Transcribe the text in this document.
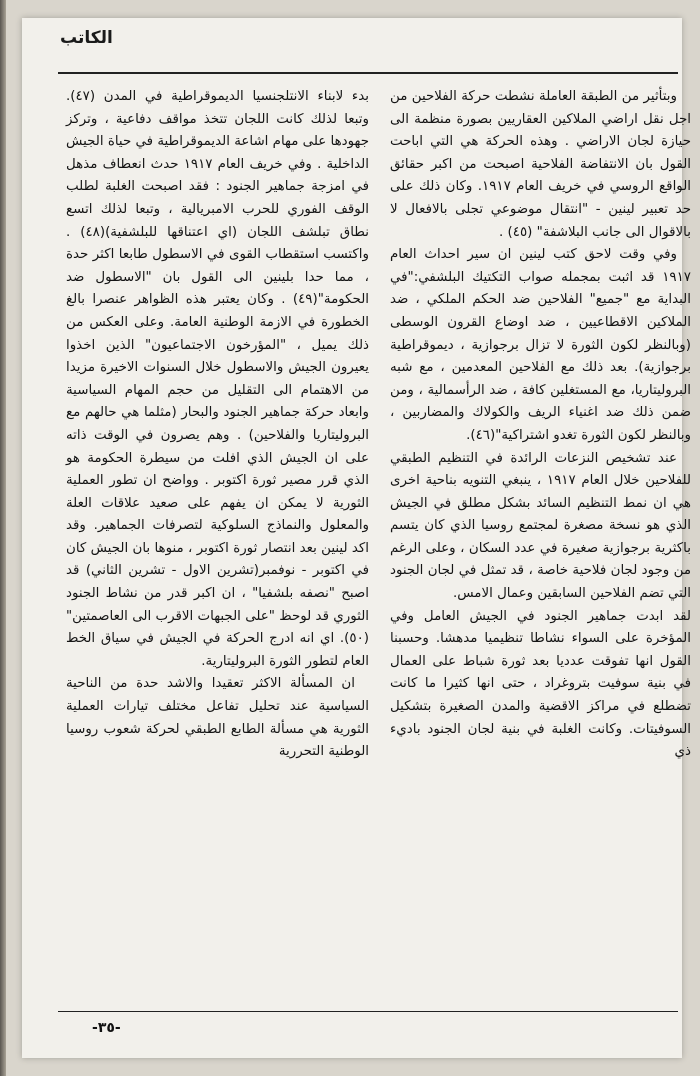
الكاتب

وبتأثير من الطبقة العاملة نشطت حركة الفلاحين من اجل نقل اراضي الملاكين العقاريين بصورة منظمة الى حيازة لجان الاراضي . وهذه الحركة هي التي اباحت القول بان الانتفاضة الفلاحية اصبحت من اكبر حقائق الواقع الروسي في خريف العام ١٩١٧. وكان ذلك على حد تعبير لينين - "انتقال موضوعي تجلى بالافعال لا بالاقوال الى جانب البلاشفة" (٤٥) .

وفي وقت لاحق كتب لينين ان سير احداث العام ١٩١٧ قد اثبت بمجمله صواب التكتيك البلشفي:"في البداية مع "جميع" الفلاحين ضد الحكم الملكي ، ضد الملاكين الاقطاعيين ، ضد اوضاع القرون الوسطى (وبالنظر لكون الثورة لا تزال برجوازية ، ديموقراطية برجوازية). بعد ذلك مع الفلاحين المعدمين ، مع شبه البروليتاريا، مع المستغلين كافة ، ضد الرأسمالية ، ومن ضمن ذلك ضد اغنياء الريف والكولاك والمضاربين ، وبالنظر لكون الثورة تغدو اشتراكية"(٤٦).

عند تشخيص النزعات الرائدة في التنظيم الطبقي للفلاحين خلال العام ١٩١٧ ، ينبغي التنويه بناحية اخرى هي ان نمط التنظيم السائد بشكل مطلق في الجيش الذي هو نسخة مصغرة لمجتمع روسيا الذي كان يتسم باكثرية برجوازية صغيرة في عدد السكان ، وعلى الرغم من وجود لجان فلاحية خاصة ، قد تمثل في لجان الجنود التي تضم الفلاحين السابقين وعمال الامس.

لقد ابدت جماهير الجنود في الجيش العامل وفي المؤخرة على السواء نشاطا تنظيميا مدهشا. وحسبنا القول انها تفوقت عدديا بعد ثورة شباط على العمال في بنية سوفيت بتروغراد ، حتى انها كثيرا ما كانت تضطلع في مراكز الاقضية والمدن الصغيرة بتشكيل السوفيتات. وكانت الغلبة في بنية لجان الجنود باديء ذي

بدء لابناء الانتلجنسيا الديموقراطية في المدن (٤٧). وتبعا لذلك كانت اللجان تتخذ مواقف دفاعية ، وتركز جهودها على مهام اشاعة الديموقراطية في حياة الجيش الداخلية . وفي خريف العام ١٩١٧ حدث انعطاف مذهل في امزجة جماهير الجنود : فقد اصبحت الغلبة لطلب الوقف الفوري للحرب الامبريالية ، وتبعا لذلك اتسع نطاق تبلشف اللجان (اي اعتناقها للبلشفية)(٤٨) . واكتسب استقطاب القوى في الاسطول طابعا اكثر حدة ، مما حدا بلينين الى القول بان "الاسطول ضد الحكومة"(٤٩) . وكان يعتبر هذه الظواهر عنصرا بالغ الخطورة في الازمة الوطنية العامة. وعلى العكس من ذلك يميل ، "المؤرخون الاجتماعيون" الذين اخذوا يعيرون الجيش والاسطول خلال السنوات الاخيرة مزيدا من الاهتمام الى التقليل من حجم المهام السياسية وابعاد حركة جماهير الجنود والبحار (مثلما هي حالهم مع البروليتاريا والفلاحين) . وهم يصرون في الوقت ذاته على ان الجيش الذي افلت من سيطرة الحكومة هو الذي قرر مصير ثورة اكتوبر . وواضح ان تطور العملية الثورية لا يمكن ان يفهم على صعيد علاقات العلة والمعلول والنماذج السلوكية لتصرفات الجماهير. وقد اكد لينين بعد انتصار ثورة اكتوبر ، منوها بان الجيش كان في اكتوبر - نوفمبر(تشرين الاول - تشرين الثاني) قد اصبح "نصفه بلشفيا" ، ان اكبر قدر من نشاط الجنود الثوري قد لوحظ "على الجبهات الاقرب الى العاصمتين"(٥٠). اي انه ادرج الحركة في الجيش في سياق الخط العام لتطور الثورة البروليتارية.

ان المسألة الاكثر تعقيدا والاشد حدة من الناحية السياسية عند تحليل تفاعل مختلف تيارات العملية الثورية هي مسألة الطابع الطبقي لحركة شعوب روسيا الوطنية التحررية

-٣٥-
